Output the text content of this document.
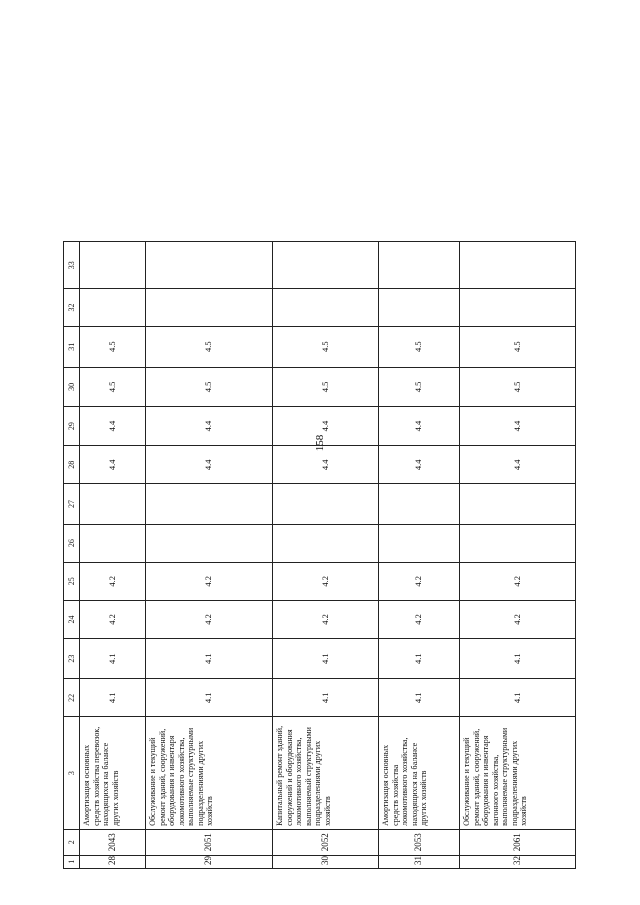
158
1	2	3	22	23	24	25	26	27	28	29	30	31	32	33
28	2043	Амортизация основных средств хозяйства перевозок, находящихся на балансе других хозяйств	4.1	4.1	4.2	4.2			4.4	4.4	4.5	4.5		
29	2051	Обслуживание и текущий ремонт зданий, сооружений, оборудования и инвентаря локомотивного хозяйства, выполняемые структурными подразделениями других хозяйств	4.1	4.1	4.2	4.2			4.4	4.4	4.5	4.5		
30	2052	Капитальный ремонт зданий, сооружений и оборудования локомотивного хозяйства, выполняемый структурными подразделениями других хозяйств	4.1	4.1	4.2	4.2			4.4	4.4	4.5	4.5		
31	2053	Амортизация основных средств хозяйства локомотивного хозяйства, находящихся на балансе других хозяйств	4.1	4.1	4.2	4.2			4.4	4.4	4.5	4.5		
32	2061	Обслуживание и текущий ремонт зданий, сооружений, оборудования и инвентаря вагонного хозяйства, выполняемые структурными подразделениями других хозяйств	4.1	4.1	4.2	4.2			4.4	4.4	4.5	4.5		
